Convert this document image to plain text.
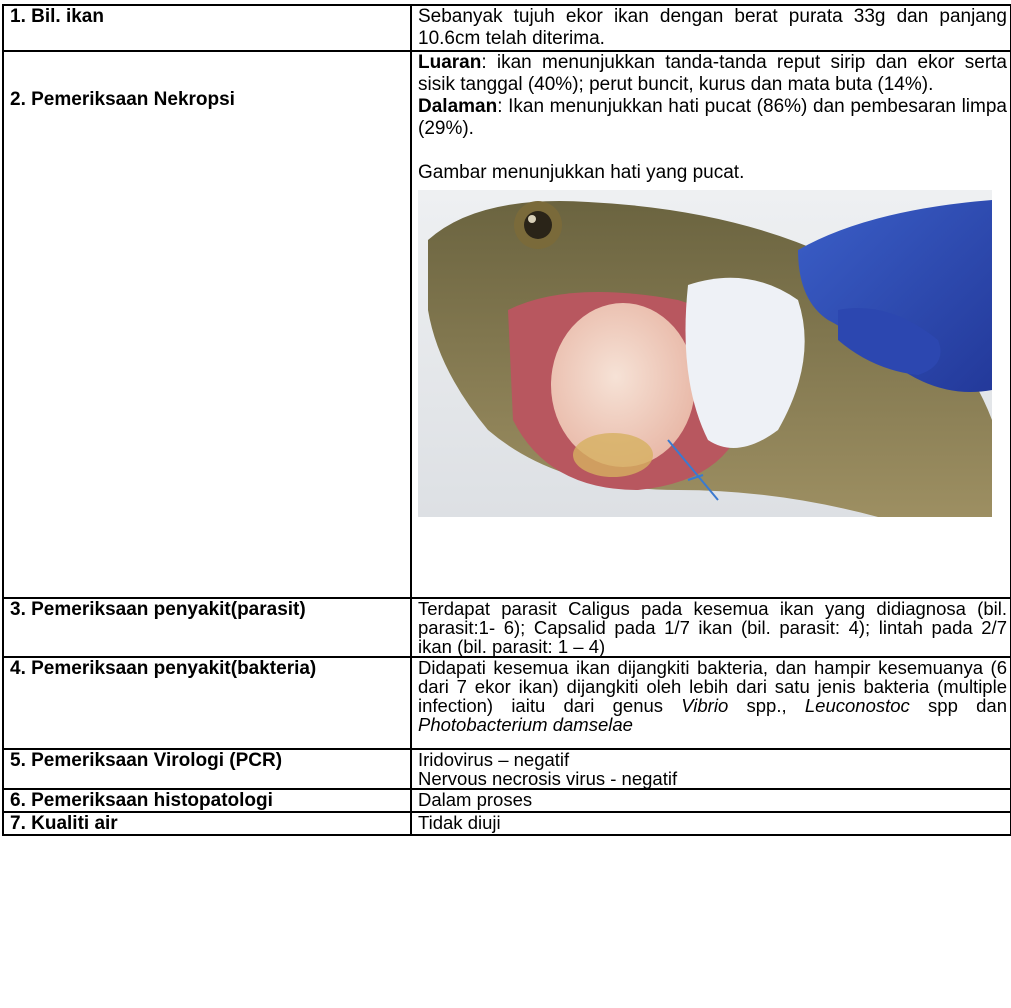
1. Bil. ikan	Sebanyak tujuh ekor ikan dengan berat purata 33g dan panjang 10.6cm telah diterima.
2. Pemeriksaan Nekropsi	Luaran: ikan menunjukkan tanda-tanda reput sirip dan ekor serta sisik tanggal (40%); perut buncit, kurus dan mata buta (14%).

Dalaman: Ikan menunjukkan hati pucat (86%) dan pembesaran limpa (29%).

Gambar menunjukkan hati yang pucat.

3. Pemeriksaan penyakit(parasit)	Terdapat parasit Caligus pada kesemua ikan yang didiagnosa (bil. parasit:1- 6); Capsalid pada 1/7 ikan (bil. parasit: 4); lintah pada 2/7 ikan (bil. parasit: 1 – 4)
4. Pemeriksaan penyakit(bakteria)	Didapati kesemua ikan dijangkiti bakteria, dan hampir kesemuanya (6 dari 7 ekor ikan) dijangkiti oleh lebih dari satu jenis bakteria (multiple infection) iaitu dari genus Vibrio spp., Leuconostoc spp dan Photobacterium damselae
5. Pemeriksaan Virologi (PCR)	Iridovirus – negatif

Nervous necrosis virus - negatif

6. Pemeriksaan histopatologi	Dalam proses
7. Kualiti air	Tidak diuji
